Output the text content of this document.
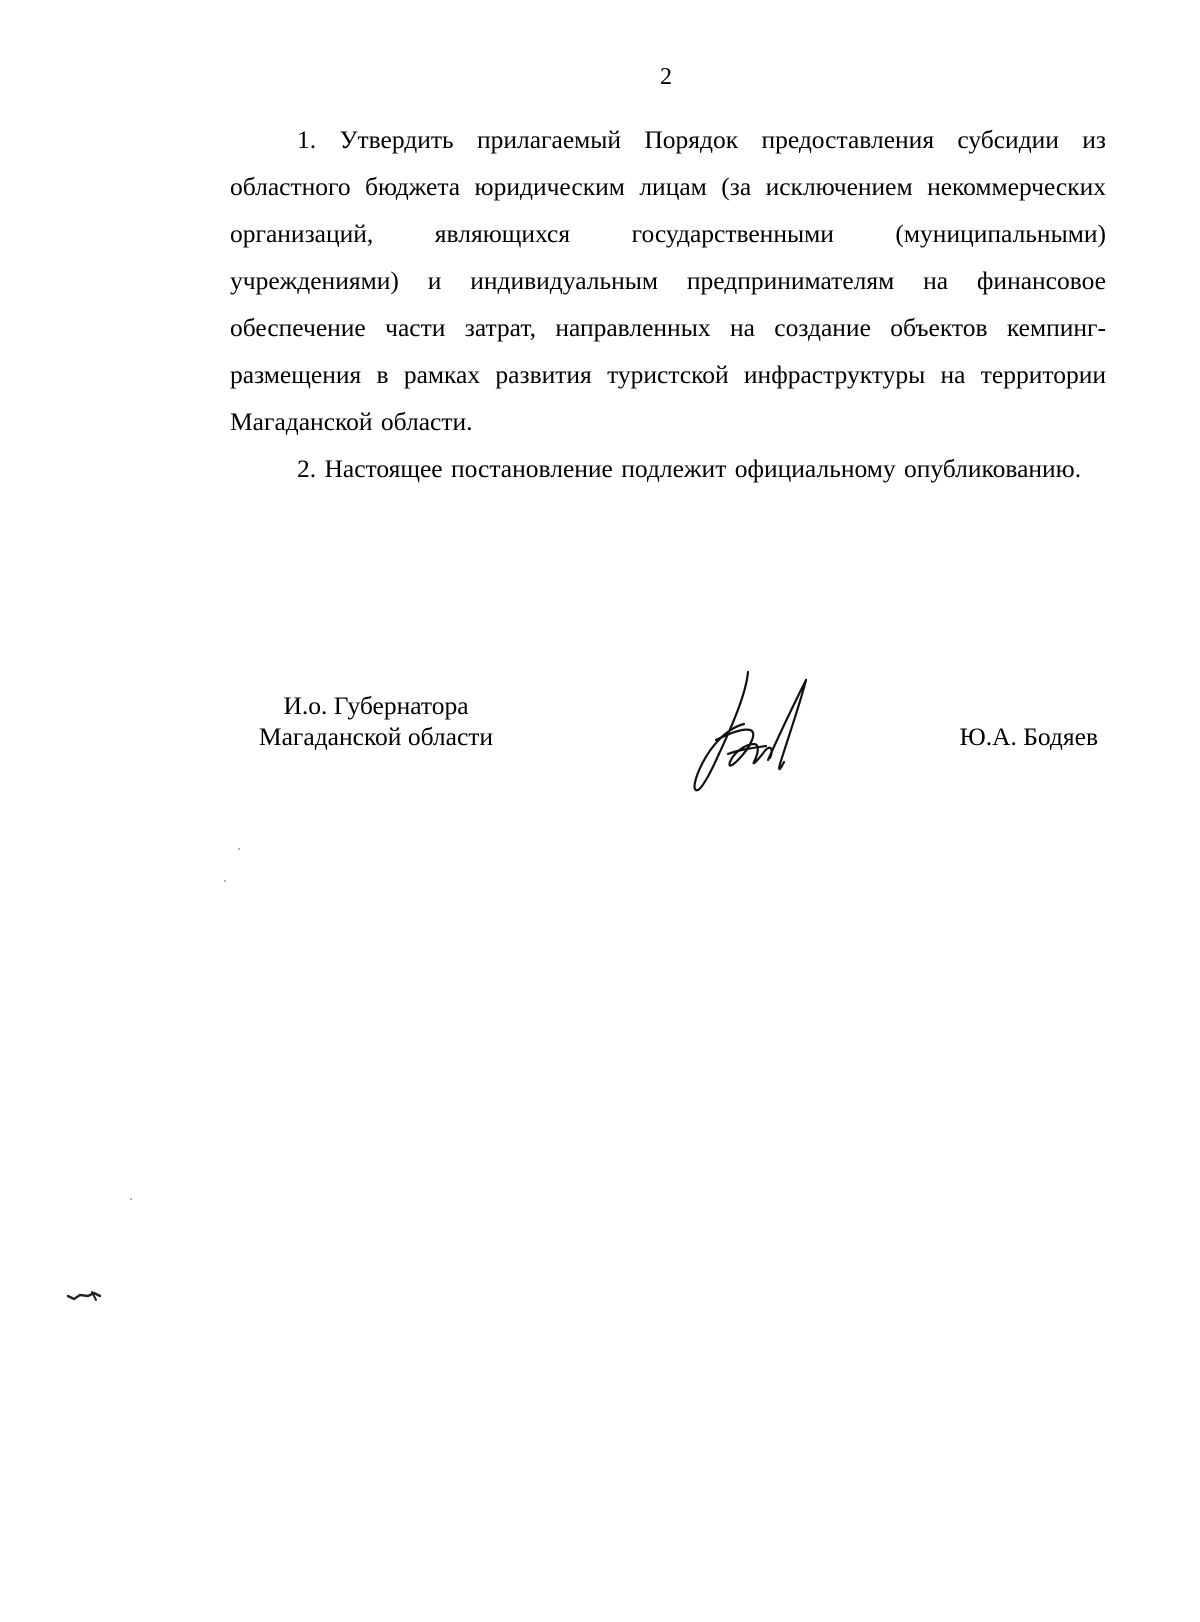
2

1. Утвердить прилагаемый Порядок предоставления субсидии из областного бюджета юридическим лицам (за исключением некоммерческих организаций, являющихся государственными (муниципальными) учреждениями) и индивидуальным предпринимателям на финансовое обеспечение части затрат, направленных на создание объектов кемпинг-размещения в рамках развития туристской инфраструктуры на территории Магаданской области.

2. Настоящее постановление подлежит официальному опубликованию.

И.о. Губернатора
Магаданской области	Ю.А. Бодяев
